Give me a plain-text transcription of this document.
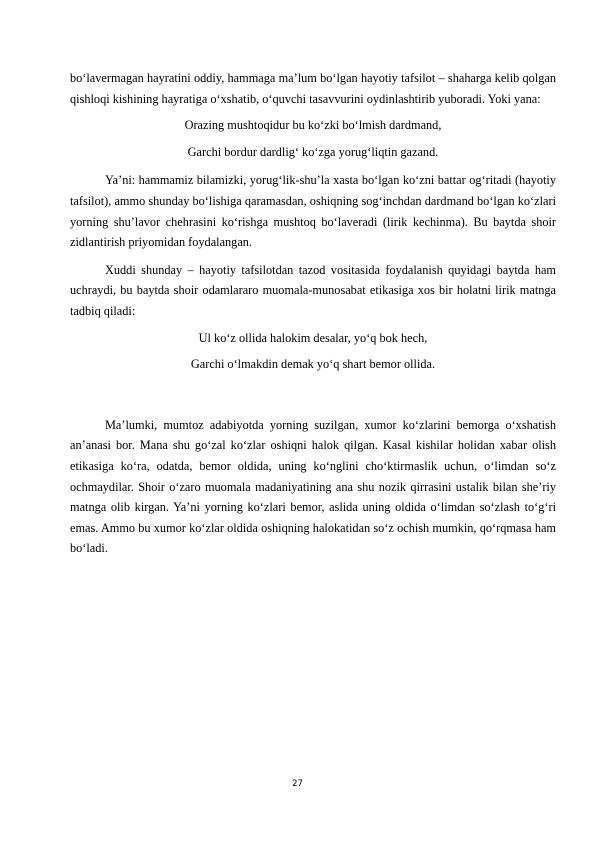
bo‘lavermagan hayratini oddiy, hammaga ma’lum bo‘lgan hayotiy tafsilot – shaharga kelib qolgan qishloqi kishining hayratiga o‘xshatib, o‘quvchi tasavvurini oydinlashtirib yuboradi. Yoki yana:

Orazing mushtoqidur bu ko‘zki bo‘lmish dardmand,

Garchi bordur dardlig‘ ko‘zga yorug‘liqtin gazand.

Ya’ni: hammamiz bilamizki, yorug‘lik-shu’la xasta bo‘lgan ko‘zni battar og‘ritadi (hayotiy tafsilot), ammo shunday bo‘lishiga qaramasdan, oshiqning sog‘inchdan dardmand bo‘lgan ko‘zlari yorning shu’lavor chehrasini ko‘rishga mushtoq bo‘laveradi (lirik kechinma). Bu baytda shoir zidlantirish priyomidan foydalangan.

Xuddi shunday – hayotiy tafsilotdan tazod vositasida foydalanish quyidagi baytda ham uchraydi, bu baytda shoir odamlararo muomala-munosabat etikasiga xos bir holatni lirik matnga tadbiq qiladi:

Ul ko‘z ollida halokim desalar, yo‘q bok hech,

Garchi o‘lmakdin demak yo‘q shart bemor ollida.

Ma’lumki, mumtoz adabiyotda yorning suzilgan, xumor ko‘zlarini bemorga o‘xshatish an’anasi bor. Mana shu go‘zal ko‘zlar oshiqni halok qilgan. Kasal kishilar holidan xabar olish etikasiga ko‘ra, odatda, bemor oldida, uning ko‘nglini cho‘ktirmaslik uchun, o‘limdan so‘z ochmaydilar. Shoir o‘zaro muomala madaniyatining ana shu nozik qirrasini ustalik bilan she’riy matnga olib kirgan. Ya’ni yorning ko‘zlari bemor, aslida uning oldida o‘limdan so‘zlash to‘g‘ri emas. Ammo bu xumor ko‘zlar oldida oshiqning halokatidan so‘z ochish mumkin, qo‘rqmasa ham bo‘ladi.

27
